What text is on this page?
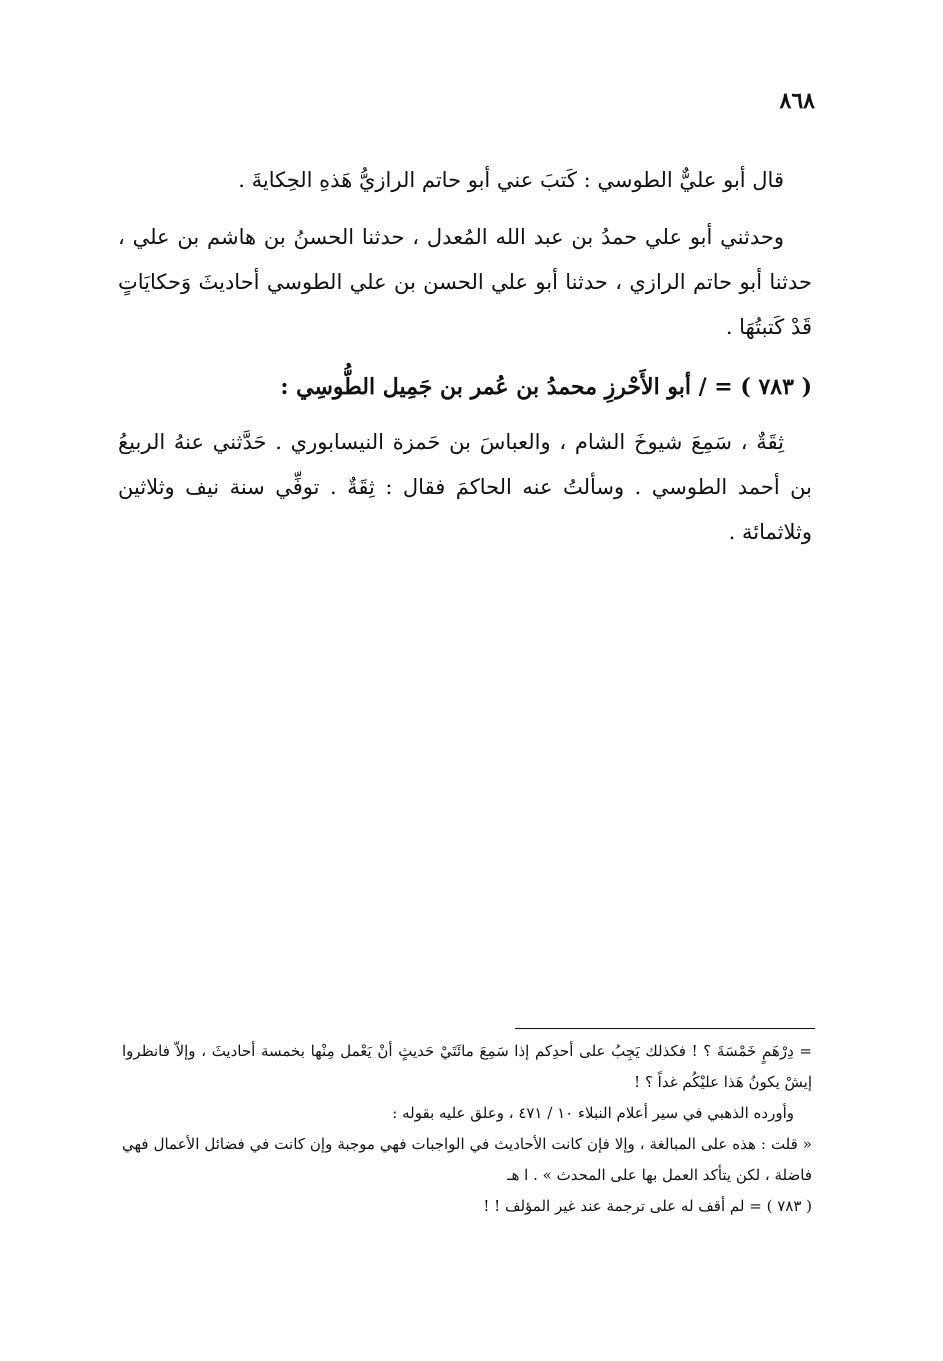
٨٦٨

قال أبو عليٌّ الطوسي : كَتبَ عني أبو حاتم الرازيُّ هَذهِ الحِكايةَ .

وحدثني أبو علي حمدُ بن عبد الله المُعدل ، حدثنا الحسنُ بن هاشم بن علي ، حدثنا أبو حاتم الرازي ، حدثنا أبو علي الحسن بن علي الطوسي أحاديثَ وَحكايَاتٍ قَدْ كَتبتُهَا .

( ٧٨٣ ) = / أبو الأَحْرزِ محمدُ بن عُمر بن جَمِيل الطُّوسِي :

ثِقَةٌ ، سَمِعَ شيوخَ الشام ، والعباسَ بن حَمزة النيسابوري . حَدَّثني عنهُ الربيعُ بن أحمد الطوسي . وسألتُ عنه الحاكمَ فقال : ثِقَةٌ . توفِّي سنة نيف وثلاثين وثلاثمائة .

= دِرْهَمٍ خَمْسَةَ ؟ ! فكذلك يَجِبُ على أحدِكم إذا سَمِعَ مائَتَيْ حَديثٍ أنْ يَعْمل مِنْها بخمسة أحاديثَ ، وإلاّ فانظروا إيشْ يكونُ هَذا عليْكُم غداً ؟ !

وأورده الذهبي في سير أعلام النبلاء ١٠ / ٤٧١ ، وعلق عليه بقوله :

« قلت : هذه على المبالغة ، وإلا فإن كانت الأحاديث في الواجبات فهي موجبة وإن كانت في فضائل الأعمال فهي فاضلة ، لكن يتأكد العمل بها على المحدث » . ا هـ

( ٧٨٣ ) = لم أقف له على ترجمة عند غير المؤلف ! !
